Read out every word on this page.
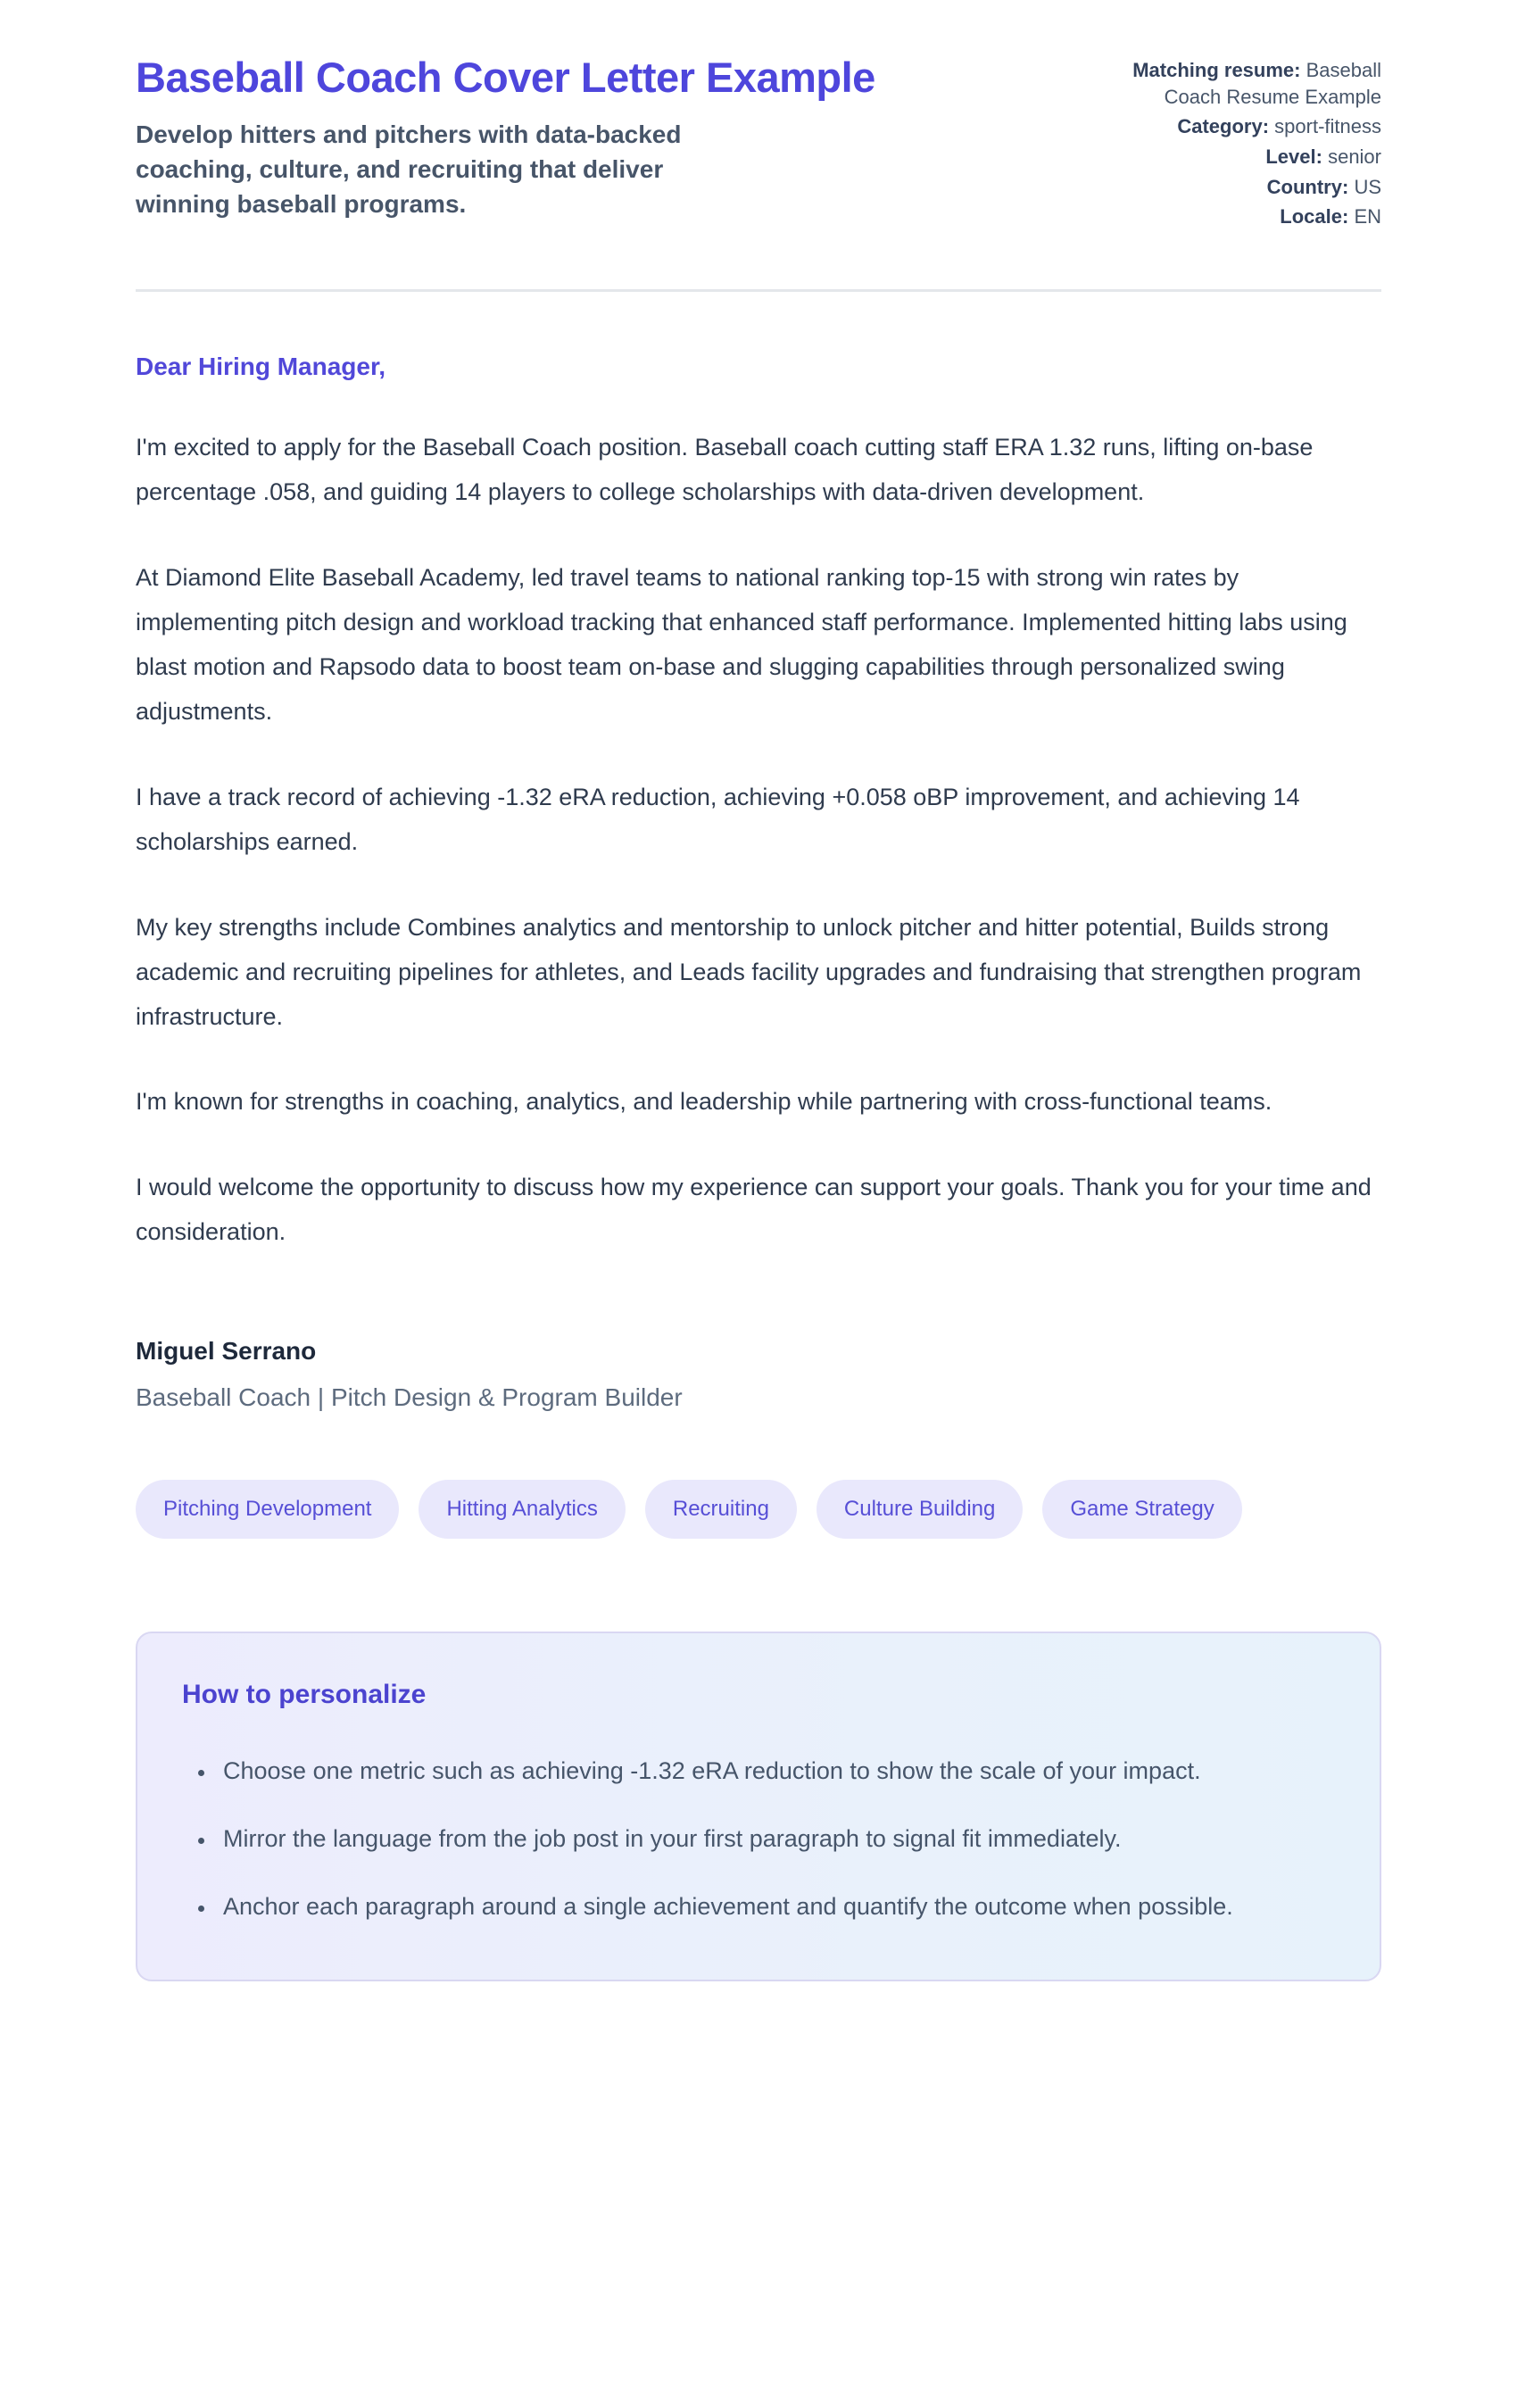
Baseball Coach Cover Letter Example

Develop hitters and pitchers with data-backed coaching, culture, and recruiting that deliver winning baseball programs.

Matching resume: Baseball Coach Resume Example
Category: sport-fitness
Level: senior
Country: US
Locale: EN

Dear Hiring Manager,

I'm excited to apply for the Baseball Coach position. Baseball coach cutting staff ERA 1.32 runs, lifting on-base percentage .058, and guiding 14 players to college scholarships with data-driven development.

At Diamond Elite Baseball Academy, led travel teams to national ranking top-15 with strong win rates by implementing pitch design and workload tracking that enhanced staff performance. Implemented hitting labs using blast motion and Rapsodo data to boost team on-base and slugging capabilities through personalized swing adjustments.

I have a track record of achieving -1.32 eRA reduction, achieving +0.058 oBP improvement, and achieving 14 scholarships earned.

My key strengths include Combines analytics and mentorship to unlock pitcher and hitter potential, Builds strong academic and recruiting pipelines for athletes, and Leads facility upgrades and fundraising that strengthen program infrastructure.

I'm known for strengths in coaching, analytics, and leadership while partnering with cross-functional teams.

I would welcome the opportunity to discuss how my experience can support your goals. Thank you for your time and consideration.

Miguel Serrano

Baseball Coach | Pitch Design & Program Builder

Pitching Development	Hitting Analytics	Recruiting	Culture Building	Game Strategy
How to personalize
• Choose one metric such as achieving -1.32 eRA reduction to show the scale of your impact.
• Mirror the language from the job post in your first paragraph to signal fit immediately.
• Anchor each paragraph around a single achievement and quantify the outcome when possible.
